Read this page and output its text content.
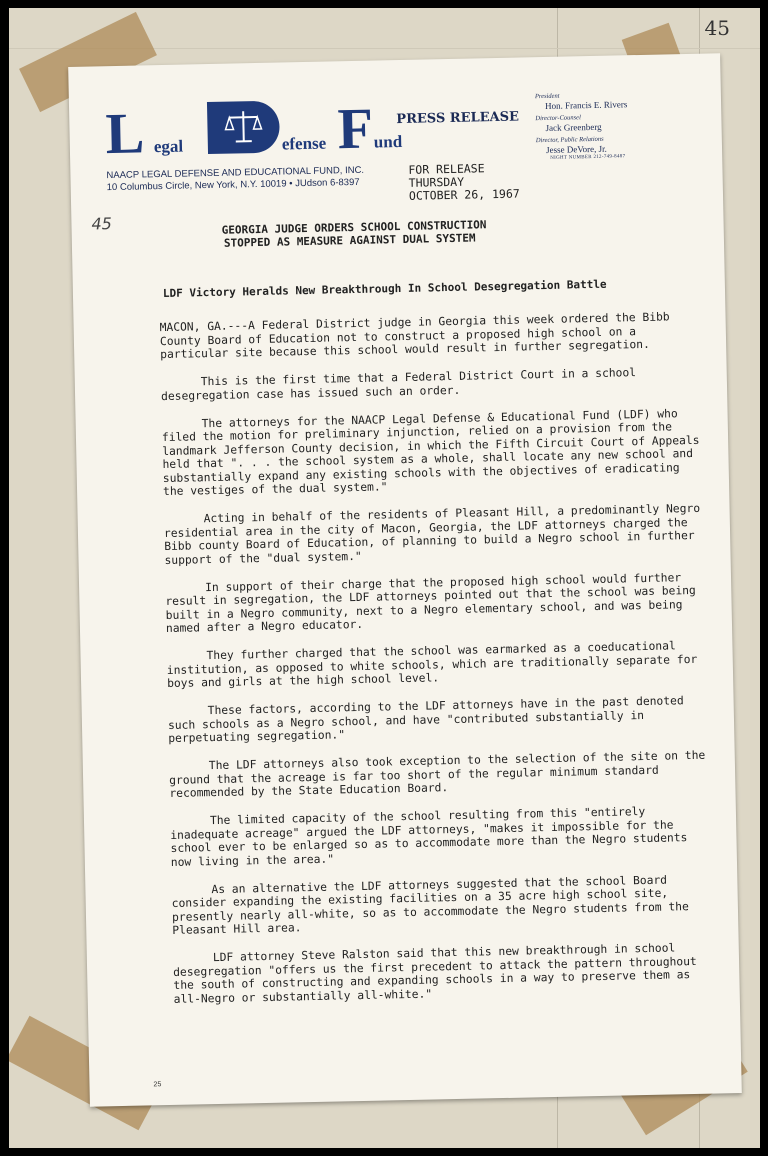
45
L egal	efense F und
NAACP LEGAL DEFENSE AND EDUCATIONAL FUND, INC.
10 Columbus Circle, New York, N.Y. 10019 • JUdson 6-8397
PRESS RELEASE
FOR RELEASE
THURSDAY
OCTOBER 26, 1967
President
Hon. Francis E. Rivers
Director-Counsel
Jack Greenberg
Director, Public Relations
Jesse DeVore, Jr.
NIGHT NUMBER 212-749-8487
45	GEORGIA JUDGE ORDERS SCHOOL CONSTRUCTION
STOPPED AS MEASURE AGAINST DUAL SYSTEM
LDF Victory Heralds New Breakthrough In School Desegregation Battle

MACON, GA.---A Federal District judge in Georgia this week ordered the Bibb County Board of Education not to construct a proposed high school on a particular site because this school would result in further segregation.

This is the first time that a Federal District Court in a school desegregation case has issued such an order.

The attorneys for the NAACP Legal Defense & Educational Fund (LDF) who filed the motion for preliminary injunction, relied on a provision from the landmark Jefferson County decision, in which the Fifth Circuit Court of Appeals held that ". . . the school system as a whole, shall locate any new school and substantially expand any existing schools with the objectives of eradicating the vestiges of the dual system."

Acting in behalf of the residents of Pleasant Hill, a predominantly Negro residential area in the city of Macon, Georgia, the LDF attorneys charged the Bibb county Board of Education, of planning to build a Negro school in further support of the "dual system."

In support of their charge that the proposed high school would further result in segregation, the LDF attorneys pointed out that the school was being built in a Negro community, next to a Negro elementary school, and was being named after a Negro educator.

They further charged that the school was earmarked as a coeducational institution, as opposed to white schools, which are traditionally separate for boys and girls at the high school level.

These factors, according to the LDF attorneys have in the past denoted such schools as a Negro school, and have "contributed substantially in perpetuating segregation."

The LDF attorneys also took exception to the selection of the site on the ground that the acreage is far too short of the regular minimum standard recommended by the State Education Board.

The limited capacity of the school resulting from this "entirely inadequate acreage" argued the LDF attorneys, "makes it impossible for the school ever to be enlarged so as to accommodate more than the Negro students now living in the area."

As an alternative the LDF attorneys suggested that the school Board consider expanding the existing facilities on a 35 acre high school site, presently nearly all-white, so as to accommodate the Negro students from the Pleasant Hill area.

LDF attorney Steve Ralston said that this new breakthrough in school desegregation "offers us the first precedent to attack the pattern throughout the south of constructing and expanding schools in a way to preserve them as all-Negro or substantially all-white."

25
